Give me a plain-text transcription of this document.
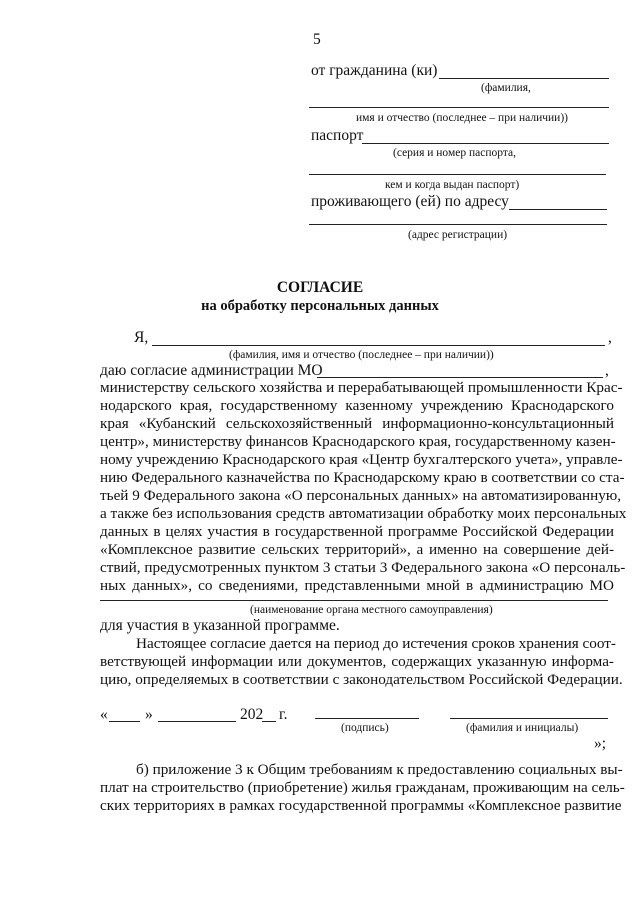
5
от гражданина (ки)
(фамилия,
имя и отчество (последнее – при наличии))
паспорт
(серия и номер паспорта,
кем и когда выдан паспорт)
проживающего (ей) по адресу
(адрес регистрации)
СОГЛАСИЕ
на обработку персональных данных
Я,	,
(фамилия, имя и отчество (последнее – при наличии))
даю согласие администрации МО	,
министерству сельского хозяйства и перерабатывающей промышленности Крас-
нодарского края, государственному казенному учреждению Краснодарского
края «Кубанский сельскохозяйственный информационно-консультационный
центр», министерству финансов Краснодарского края, государственному казен-
ному учреждению Краснодарского края «Центр бухгалтерского учета», управле-
нию Федерального казначейства по Краснодарскому краю в соответствии со ста-
тьей 9 Федерального закона «О персональных данных» на автоматизированную,
а также без использования средств автоматизации обработку моих персональных
данных в целях участия в государственной программе Российской Федерации
«Комплексное развитие сельских территорий», а именно на совершение дей-
ствий, предусмотренных пунктом 3 статьи 3 Федерального закона «О персональ-
ных данных», со сведениями, представленными мной в администрацию МО
(наименование органа местного самоуправления)
для участия в указанной программе.
Настоящее согласие дается на период до истечения сроков хранения соот-
ветствующей информации или документов, содержащих указанную информа-
цию, определяемых в соответствии с законодательством Российской Федерации.
« »	202 г.
(подпись)	(фамилия и инициалы)
»;
б) приложение 3 к Общим требованиям к предоставлению социальных вы-
плат на строительство (приобретение) жилья гражданам, проживающим на сель-
ских территориях в рамках государственной программы «Комплексное развитие
